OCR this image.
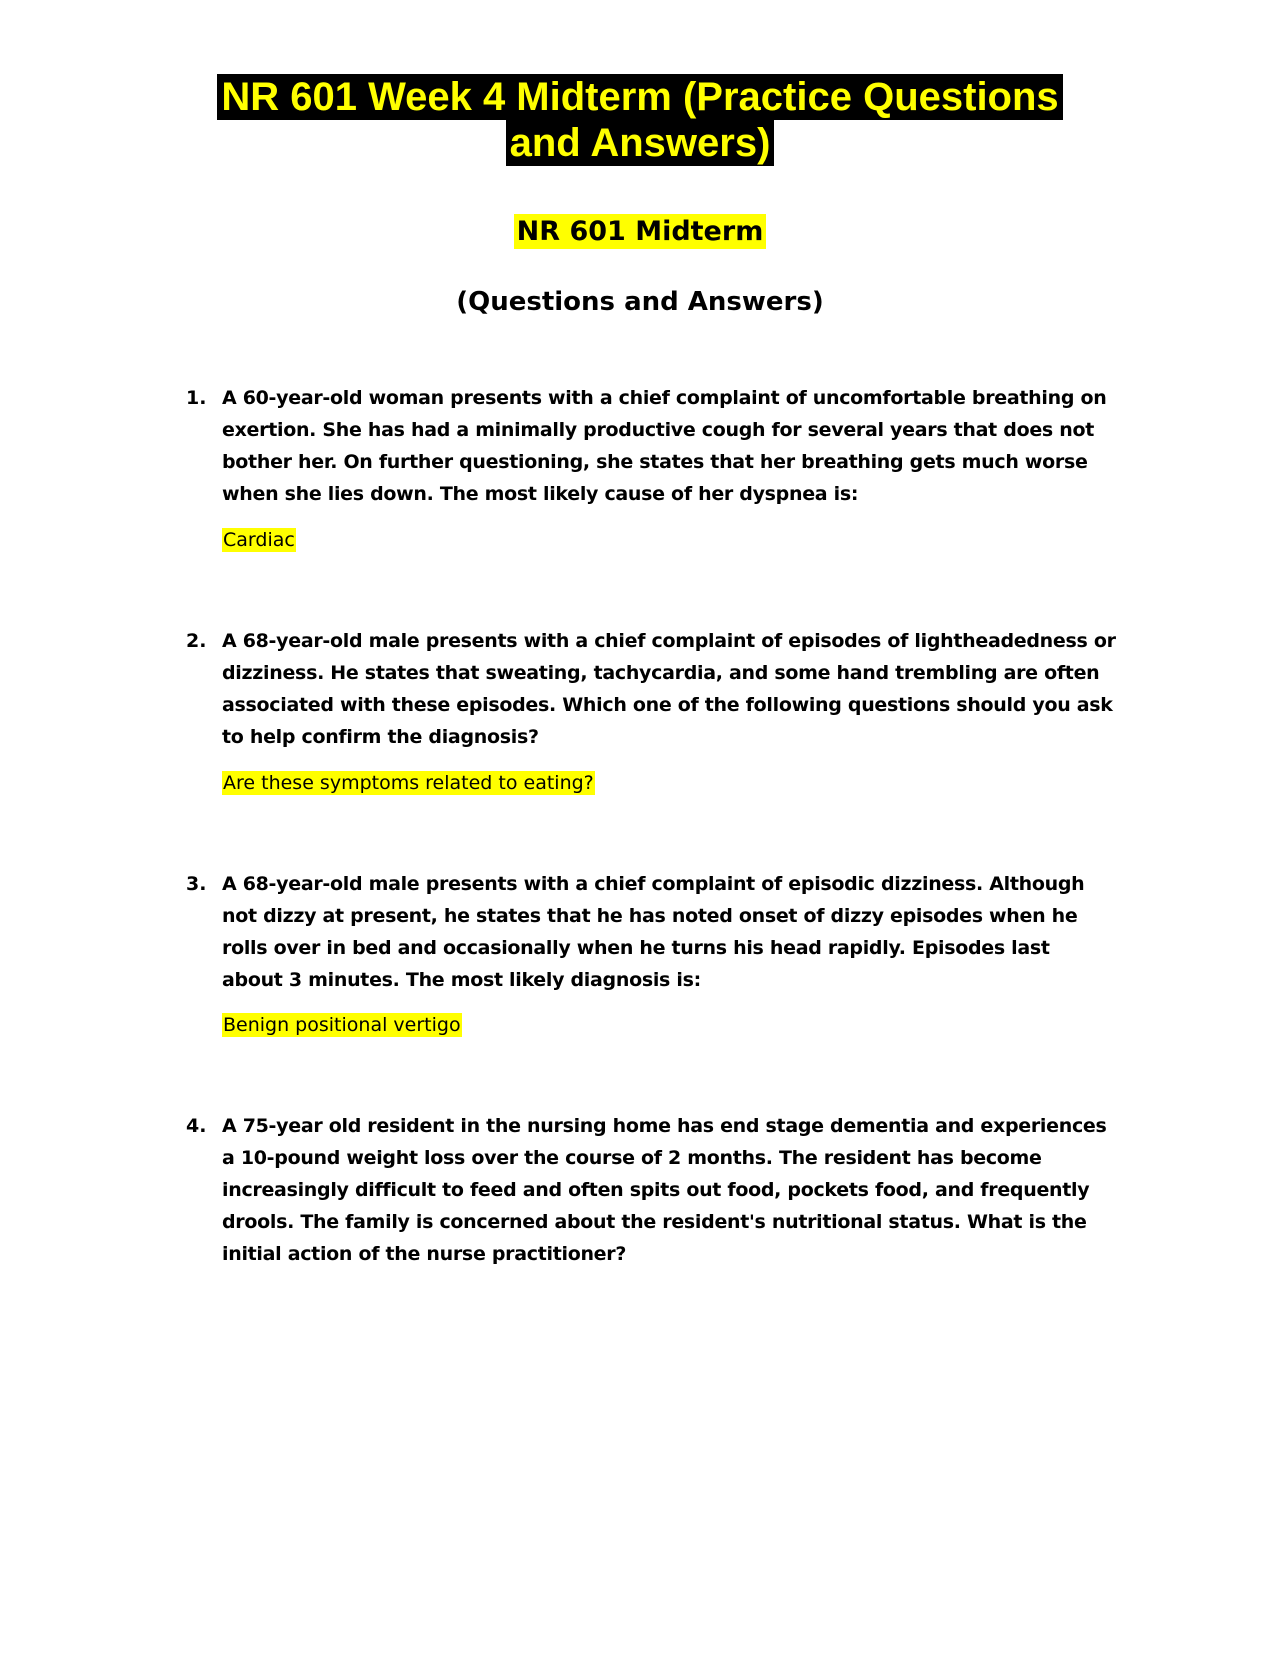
NR 601 Week 4 Midterm (Practice Questions
and Answers)
NR 601 Midterm
(Questions and Answers)
1. A 60-year-old woman presents with a chief complaint of uncomfortable breathing on exertion. She has had a minimally productive cough for several years that does not bother her. On further questioning, she states that her breathing gets much worse when she lies down. The most likely cause of her dyspnea is:
Cardiac
2. A 68-year-old male presents with a chief complaint of episodes of lightheadedness or dizziness. He states that sweating, tachycardia, and some hand trembling are often associated with these episodes. Which one of the following questions should you ask to help confirm the diagnosis?
Are these symptoms related to eating?
3. A 68-year-old male presents with a chief complaint of episodic dizziness. Although not dizzy at present, he states that he has noted onset of dizzy episodes when he rolls over in bed and occasionally when he turns his head rapidly. Episodes last about 3 minutes. The most likely diagnosis is:
Benign positional vertigo
4. A 75-year old resident in the nursing home has end stage dementia and experiences a 10-pound weight loss over the course of 2 months. The resident has become increasingly difficult to feed and often spits out food, pockets food, and frequently drools. The family is concerned about the resident's nutritional status. What is the initial action of the nurse practitioner?
